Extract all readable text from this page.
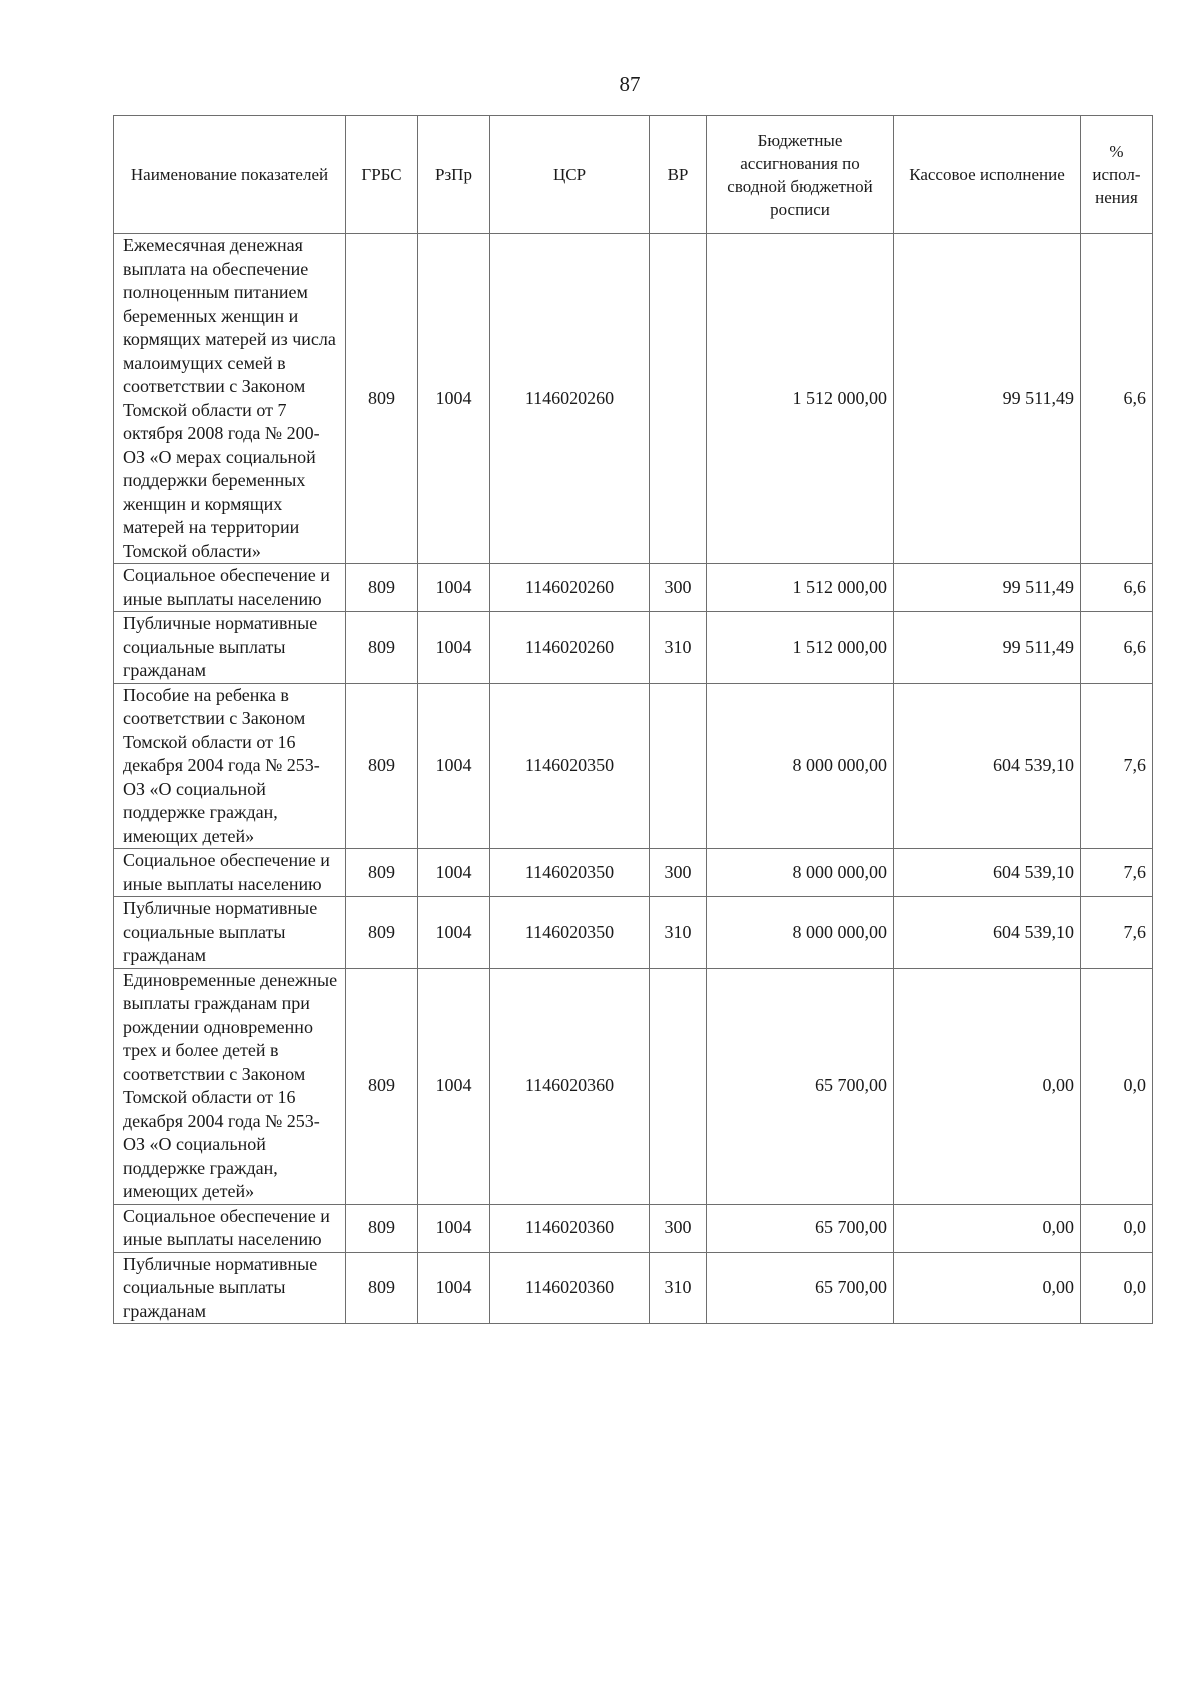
87
Наименование показателей	ГРБС	РзПр	ЦСР	ВР	Бюджетные ассигнования по сводной бюджетной росписи	Кассовое исполнение	% испол-нения
Ежемесячная денежная выплата на обеспечение полноценным питанием беременных женщин и кормящих матерей из числа малоимущих семей в соответствии с Законом Томской области от 7 октября 2008 года № 200-ОЗ «О мерах социальной поддержки беременных женщин и кормящих матерей на территории Томской области»	809	1004	1146020260		1 512 000,00	99 511,49	6,6
Социальное обеспечение и иные выплаты населению	809	1004	1146020260	300	1 512 000,00	99 511,49	6,6
Публичные нормативные социальные выплаты гражданам	809	1004	1146020260	310	1 512 000,00	99 511,49	6,6
Пособие на ребенка в соответствии с Законом Томской области от 16 декабря 2004 года № 253-ОЗ «О социальной поддержке граждан, имеющих детей»	809	1004	1146020350		8 000 000,00	604 539,10	7,6
Социальное обеспечение и иные выплаты населению	809	1004	1146020350	300	8 000 000,00	604 539,10	7,6
Публичные нормативные социальные выплаты гражданам	809	1004	1146020350	310	8 000 000,00	604 539,10	7,6
Единовременные денежные выплаты гражданам при рождении одновременно трех и более детей в соответствии с Законом Томской области от 16 декабря 2004 года № 253-ОЗ «О социальной поддержке граждан, имеющих детей»	809	1004	1146020360		65 700,00	0,00	0,0
Социальное обеспечение и иные выплаты населению	809	1004	1146020360	300	65 700,00	0,00	0,0
Публичные нормативные социальные выплаты гражданам	809	1004	1146020360	310	65 700,00	0,00	0,0
